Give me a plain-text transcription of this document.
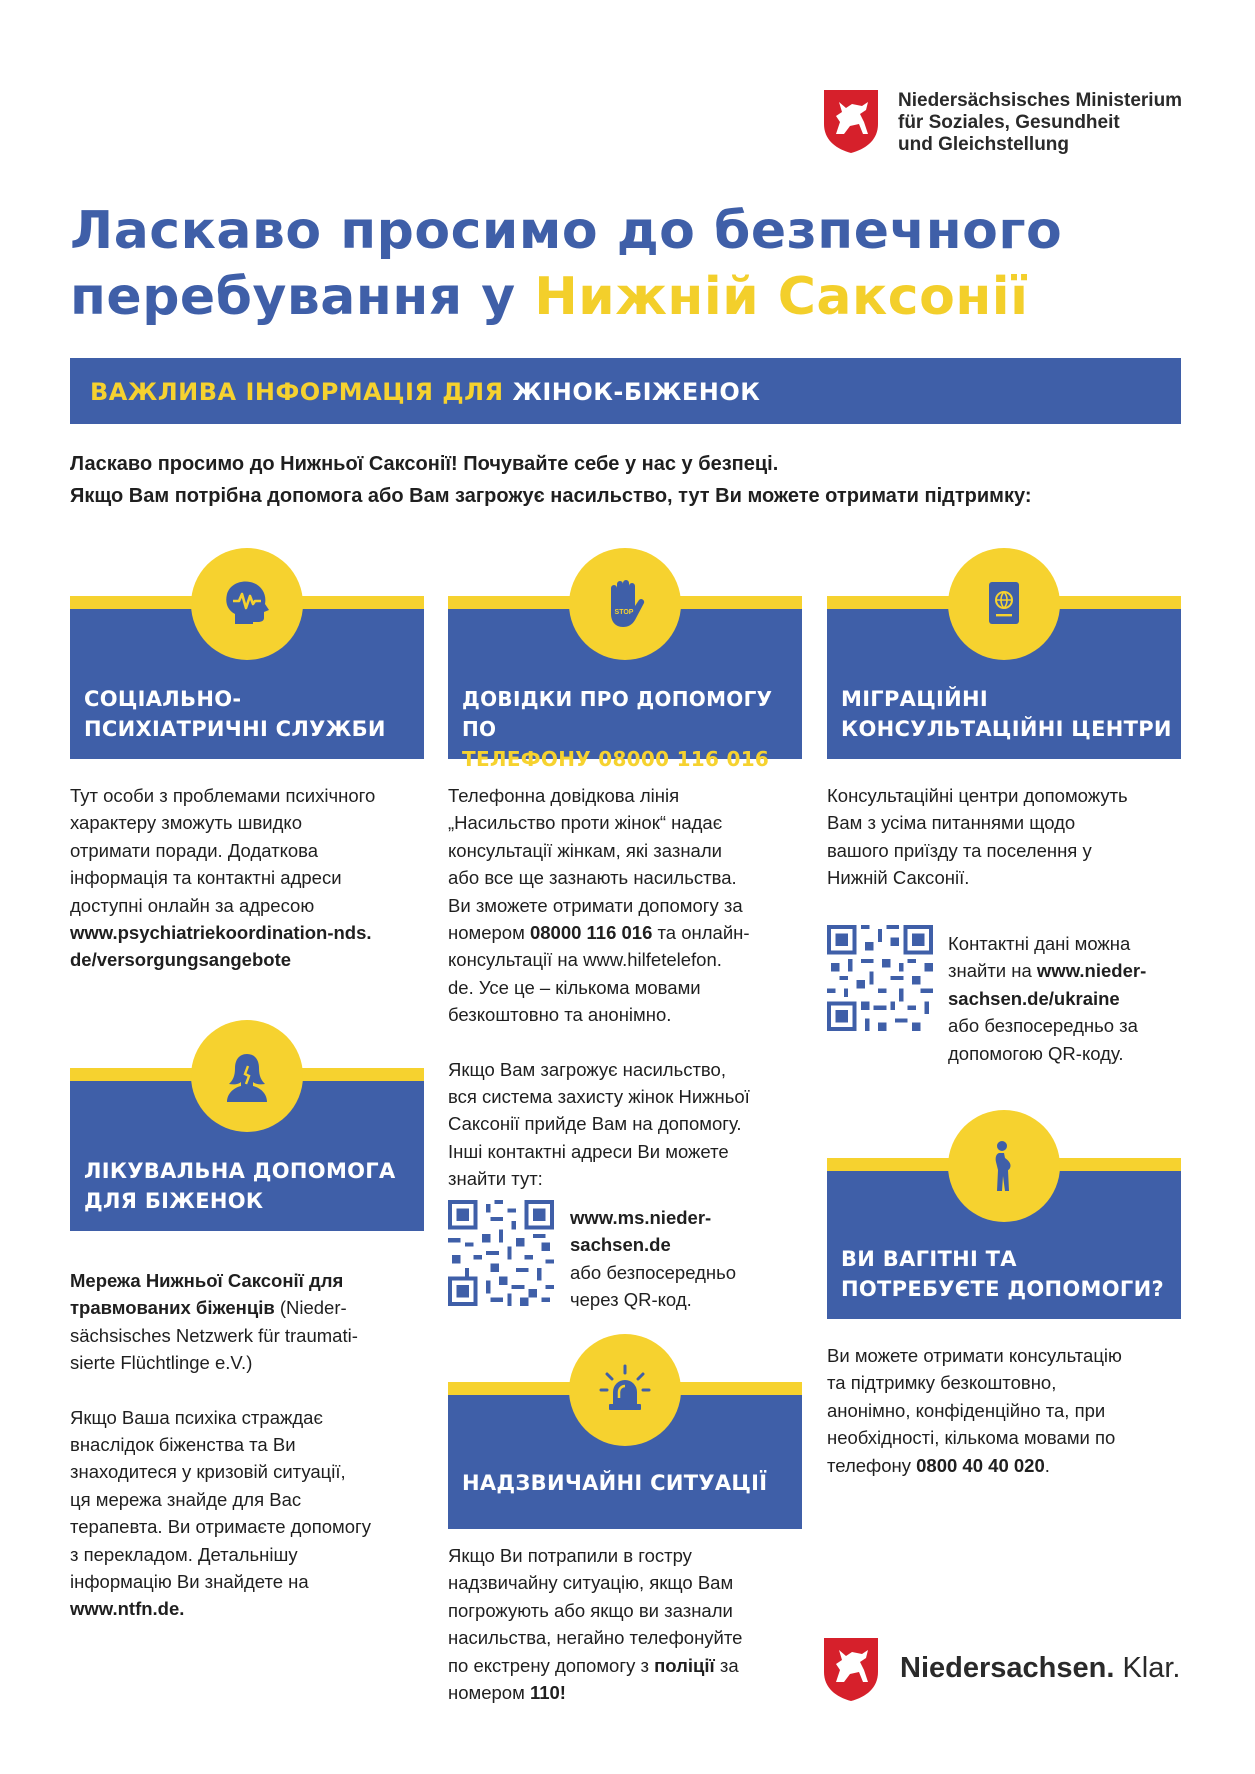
Niedersächsisches Ministerium
für Soziales, Gesundheit
und Gleichstellung
Ласкаво просимо до безпечного
перебування у Нижній Саксонії
ВАЖЛИВА ІНФОРМАЦІЯ ДЛЯ ЖІНОК-БІЖЕНОК
Ласкаво просимо до Нижньої Саксонії! Почувайте себе у нас у безпеці.
Якщо Вам потрібна допомога або Вам загрожує насильство, тут Ви можете отримати підтримку:
СОЦІАЛЬНО-
ПСИХІАТРИЧНІ СЛУЖБИ
Тут особи з проблемами психічного
характеру зможуть швидко
отримати поради. Додаткова
інформація та контактні адреси
доступні онлайн за адресою
www.psychiatriekoordination-nds.
de/versorgungsangebote
ЛІКУВАЛЬНА ДОПОМОГА
ДЛЯ БІЖЕНОК
Мережа Нижньої Саксонії для
травмованих біженців (Nieder-
sächsisches Netzwerk für traumati-
sierte Flüchtlinge e.V.)
Якщо Ваша психіка страждає
внаслідок біженства та Ви
знаходитеся у кризовій ситуації,
ця мережа знайде для Вас
терапевта. Ви отримаєте допомогу
з перекладом. Детальнішу
інформацію Ви знайдете на
www.ntfn.de.
STOP
ДОВІДКИ ПРО ДОПОМОГУ ПО
ТЕЛЕФОНУ 08000 116 016
Телефонна довідкова лінія
„Насильство проти жінок“ надає
консультації жінкам, які зазнали
або все ще зазнають насильства.
Ви зможете отримати допомогу за
номером 08000 116 016 та онлайн-
консультації на www.hilfetelefon.
de. Усе це – кількома мовами
безкоштовно та анонімно.
Якщо Вам загрожує насильство,
вся система захисту жінок Нижньої
Саксонії прийде Вам на допомогу.
Інші контактні адреси Ви можете
знайти тут:
www.ms.nieder-
sachsen.de
або безпосередньо
через QR-код.
НАДЗВИЧАЙНІ СИТУАЦІЇ
Якщо Ви потрапили в гостру
надзвичайну ситуацію, якщо Вам
погрожують або якщо ви зазнали
насильства, негайно телефонуйте
по екстрену допомогу з поліції за
номером 110!
МІГРАЦІЙНІ
КОНСУЛЬТАЦІЙНІ ЦЕНТРИ
Консультаційні центри допоможуть
Вам з усіма питаннями щодо
вашого приїзду та поселення у
Нижній Саксонії.
Контактні дані можна
знайти на www.nieder-
sachsen.de/ukraine
або безпосередньо за
допомогою QR-коду.
ВИ ВАГІТНІ ТА
ПОТРЕБУЄТЕ ДОПОМОГИ?
Ви можете отримати консультацію
та підтримку безкоштовно,
анонімно, конфіденційно та, при
необхідності, кількома мовами по
телефону 0800 40 40 020.
Niedersachsen. Klar.
